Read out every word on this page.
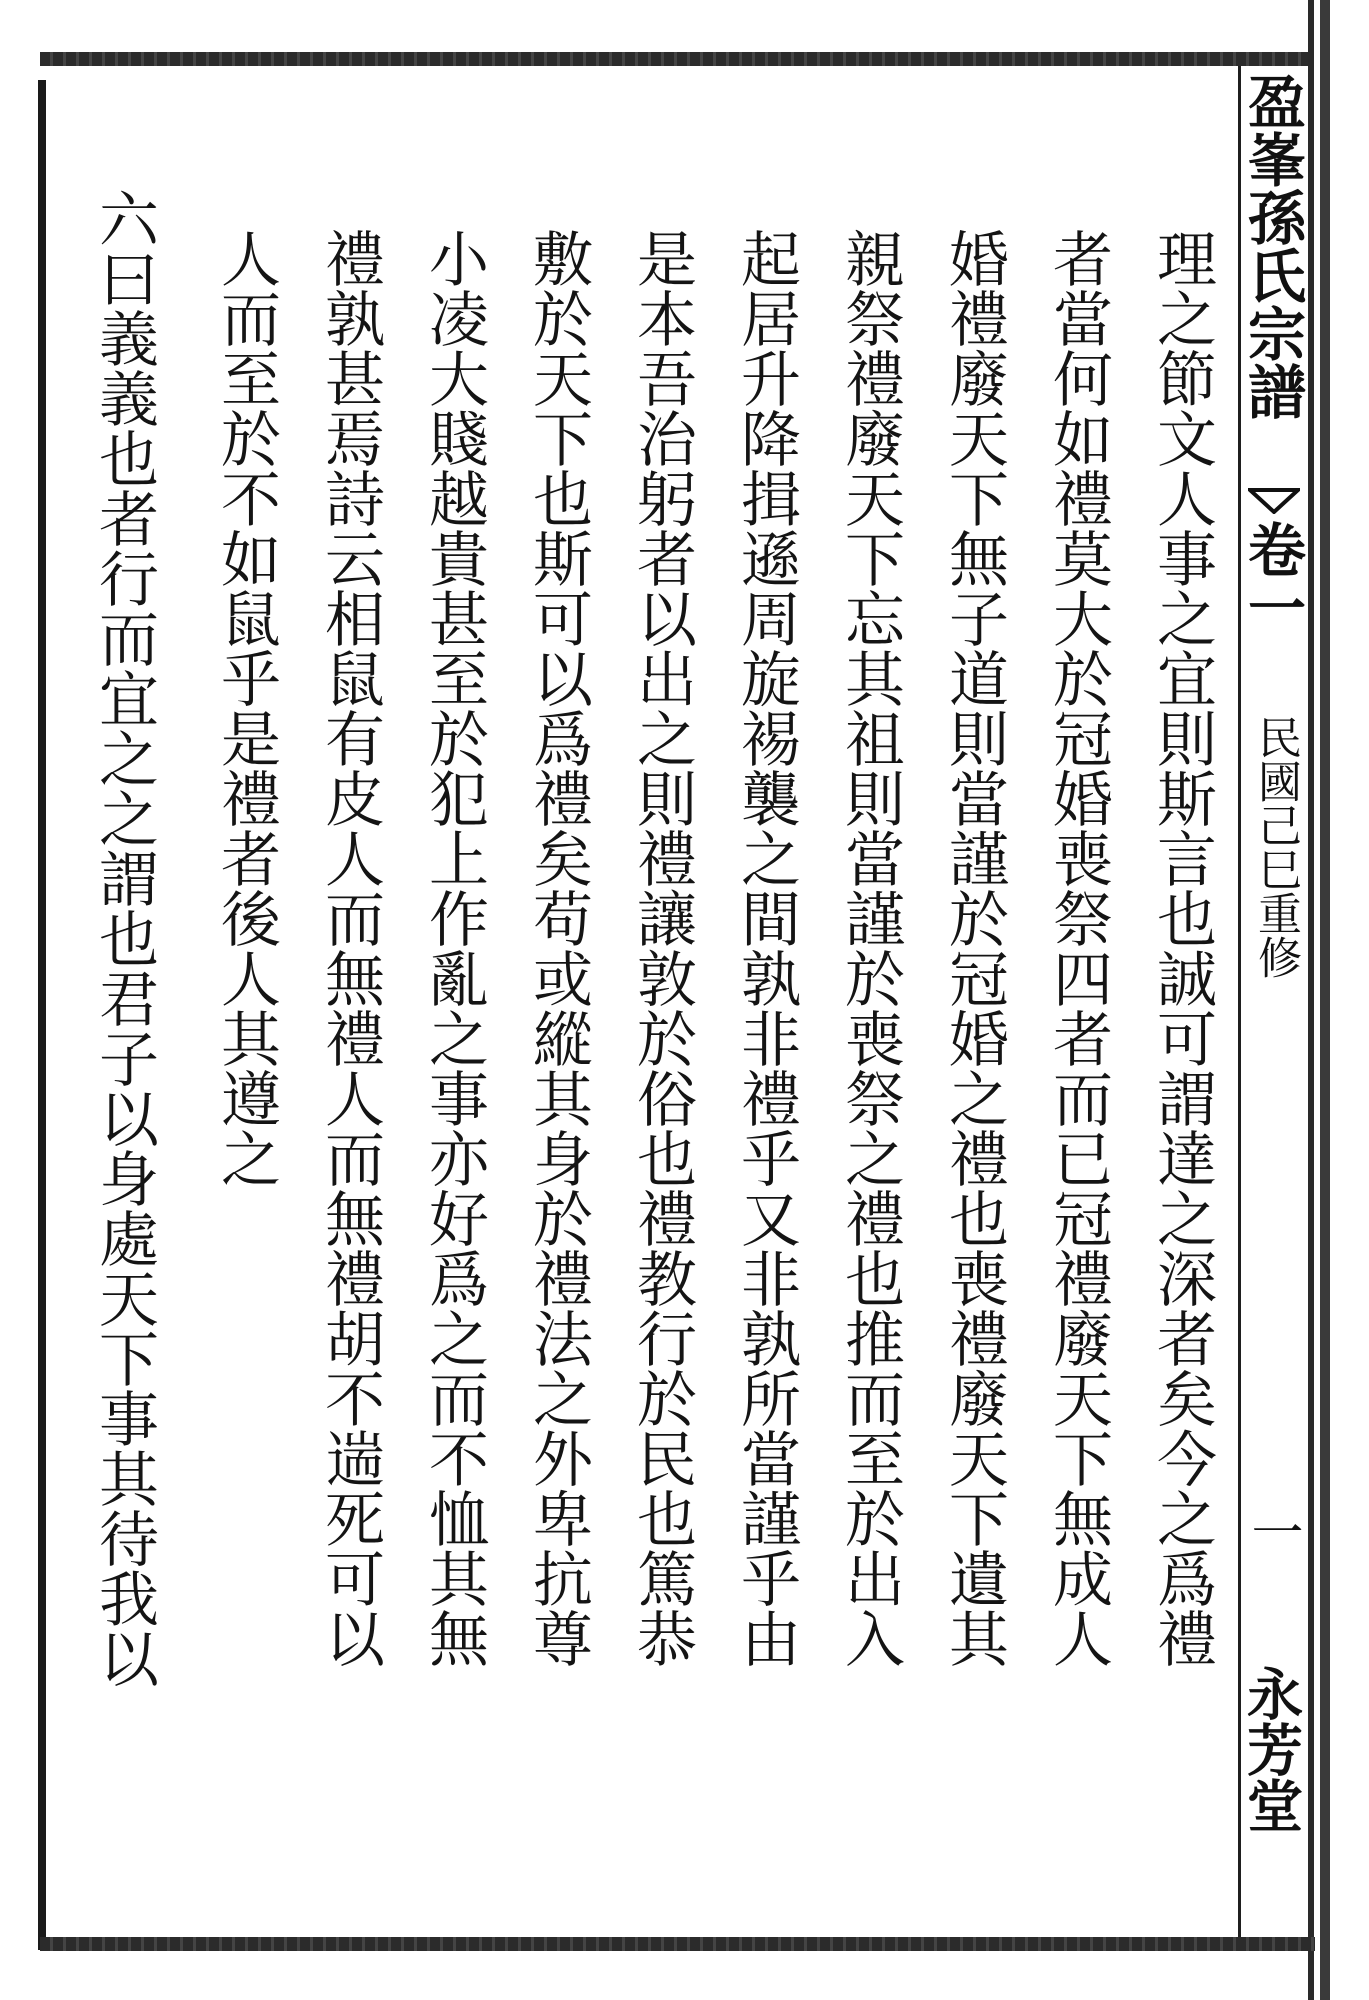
盈峯孫氏宗譜
卷一
民國己巳重修
一
永芳堂
理之節文人事之宜則斯言也誠可謂達之深者矣今之爲禮
者當何如禮莫大於冠婚喪祭四者而已冠禮廢天下無成人
婚禮廢天下無子道則當謹於冠婚之禮也喪禮廢天下遺其
親祭禮廢天下忘其祖則當謹於喪祭之禮也推而至於出入
起居升降揖遜周旋裼襲之間孰非禮乎又非孰所當謹乎由
是本吾治躬者以出之則禮讓敦於俗也禮教行於民也篤恭
敷於天下也斯可以爲禮矣苟或縱其身於禮法之外卑抗尊
小凌大賤越貴甚至於犯上作亂之事亦好爲之而不恤其無
禮孰甚焉詩云相鼠有皮人而無禮人而無禮胡不遄死可以
人而至於不如鼠乎是禮者後人其遵之
六曰義義也者行而宜之之謂也君子以身處天下事其待我以
